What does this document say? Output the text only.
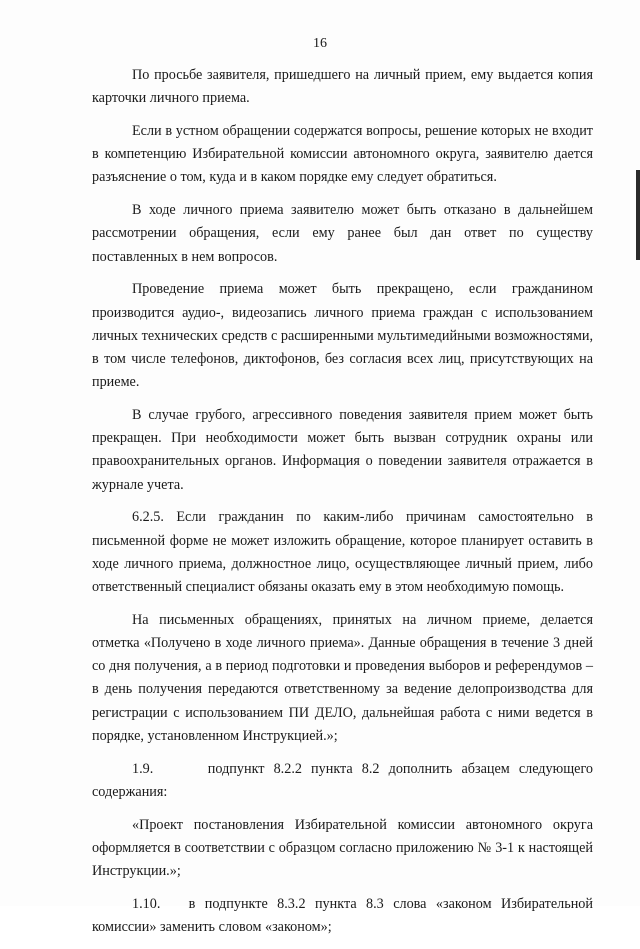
16

По просьбе заявителя, пришедшего на личный прием, ему выдается копия карточки личного приема.

Если в устном обращении содержатся вопросы, решение которых не входит в компетенцию Избирательной комиссии автономного округа, заявителю дается разъяснение о том, куда и в каком порядке ему следует обратиться.

В ходе личного приема заявителю может быть отказано в дальнейшем рассмотрении обращения, если ему ранее был дан ответ по существу поставленных в нем вопросов.

Проведение приема может быть прекращено, если гражданином производится аудио-, видеозапись личного приема граждан с использованием личных технических средств с расширенными мультимедийными возможностями, в том числе телефонов, диктофонов, без согласия всех лиц, присутствующих на приеме.

В случае грубого, агрессивного поведения заявителя прием может быть прекращен. При необходимости может быть вызван сотрудник охраны или правоохранительных органов. Информация о поведении заявителя отражается в журнале учета.

6.2.5. Если гражданин по каким-либо причинам самостоятельно в письменной форме не может изложить обращение, которое планирует оставить в ходе личного приема, должностное лицо, осуществляющее личный прием, либо ответственный специалист обязаны оказать ему в этом необходимую помощь.

На письменных обращениях, принятых на личном приеме, делается отметка «Получено в ходе личного приема». Данные обращения в течение 3 дней со дня получения, а в период подготовки и проведения выборов и референдумов – в день получения передаются ответственному за ведение делопроизводства для регистрации с использованием ПИ ДЕЛО, дальнейшая работа с ними ведется в порядке, установленном Инструкцией.»;

1.9.      подпункт 8.2.2 пункта 8.2 дополнить абзацем следующего содержания:

«Проект постановления Избирательной комиссии автономного округа оформляется в соответствии с образцом согласно приложению № 3-1 к настоящей Инструкции.»;

1.10.   в подпункте 8.3.2 пункта 8.3 слова «законом Избирательной комиссии» заменить словом «законом»;
